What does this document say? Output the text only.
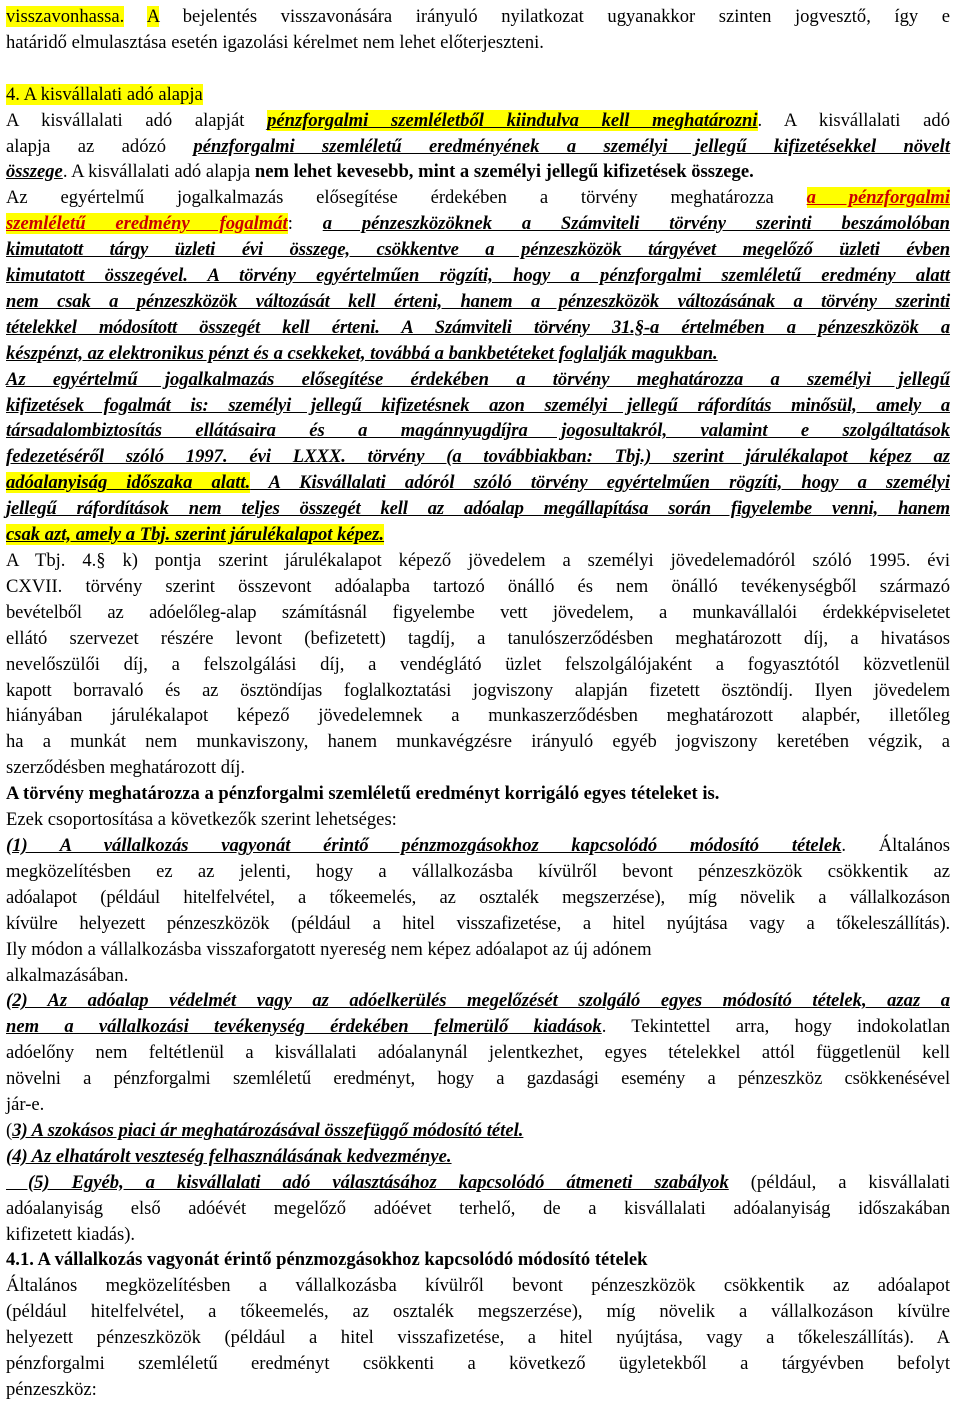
visszavonhassa. A bejelentés visszavonására irányuló nyilatkozat ugyanakkor szinten jogvesztő, így e

határidő elmulasztása esetén igazolási kérelmet nem lehet előterjeszteni.

4. A kisvállalati adó alapja

A kisvállalati adó alapját pénzforgalmi szemléletből kiindulva kell meghatározni. A kisvállalati adó

alapja az adózó pénzforgalmi szemléletű eredményének a személyi jellegű kifizetésekkel növelt

összege. A kisvállalati adó alapja nem lehet kevesebb, mint a személyi jellegű kifizetések összege.

Az egyértelmű jogalkalmazás elősegítése érdekében a törvény meghatározza a pénzforgalmi

szemléletű eredmény fogalmát: a pénzeszközöknek a Számviteli törvény szerinti beszámolóban

kimutatott tárgy üzleti évi összege, csökkentve a pénzeszközök tárgyévet megelőző üzleti évben

kimutatott összegével. A törvény egyértelműen rögzíti, hogy a pénzforgalmi szemléletű eredmény alatt

nem csak a pénzeszközök változását kell érteni, hanem a pénzeszközök változásának a törvény szerinti

tételekkel módosított összegét kell érteni. A Számviteli törvény 31.§-a értelmében a pénzeszközök a

készpénzt, az elektronikus pénzt és a csekkeket, továbbá a bankbetéteket foglalják magukban.

Az egyértelmű jogalkalmazás elősegítése érdekében a törvény meghatározza a személyi jellegű

kifizetések fogalmát is: személyi jellegű kifizetésnek azon személyi jellegű ráfordítás minősül, amely a

társadalombiztosítás ellátásaira és a magánnyugdíjra jogosultakról, valamint e szolgáltatások

fedezetéséről szóló 1997. évi LXXX. törvény (a továbbiakban: Tbj.) szerint járulékalapot képez az

adóalanyiság időszaka alatt. A Kisvállalati adóról szóló törvény egyértelműen rögzíti, hogy a személyi

jellegű ráfordítások nem teljes összegét kell az adóalap megállapítása során figyelembe venni, hanem

csak azt, amely a Tbj. szerint járulékalapot képez.

A Tbj. 4.§ k) pontja szerint járulékalapot képező jövedelem a személyi jövedelemadóról szóló 1995. évi

CXVII. törvény szerint összevont adóalapba tartozó önálló és nem önálló tevékenységből származó

bevételből az adóelőleg-alap számításnál figyelembe vett jövedelem, a munkavállalói érdekképviseletet

ellátó szervezet részére levont (befizetett) tagdíj, a tanulószerződésben meghatározott díj, a hivatásos

nevelőszülői díj, a felszolgálási díj, a vendéglátó üzlet felszolgálójaként a fogyasztótól közvetlenül

kapott borravaló és az ösztöndíjas foglalkoztatási jogviszony alapján fizetett ösztöndíj. Ilyen jövedelem

hiányában járulékalapot képező jövedelemnek a munkaszerződésben meghatározott alapbér, illetőleg

ha a munkát nem munkaviszony, hanem munkavégzésre irányuló egyéb jogviszony keretében végzik, a

szerződésben meghatározott díj.

A törvény meghatározza a pénzforgalmi szemléletű eredményt korrigáló egyes tételeket is.

Ezek csoportosítása a következők szerint lehetséges:

(1) A vállalkozás vagyonát érintő pénzmozgásokhoz kapcsolódó módosító tételek. Általános

megközelítésben ez az jelenti, hogy a vállalkozásba kívülről bevont pénzeszközök csökkentik az

adóalapot (például hitelfelvétel, a tőkeemelés, az osztalék megszerzése), míg növelik a vállalkozáson

kívülre helyezett pénzeszközök (például a hitel visszafizetése, a hitel nyújtása vagy a tőkeleszállítás).

Ily módon a vállalkozásba visszaforgatott nyereség nem képez adóalapot az új adónem

alkalmazásában.

(2) Az adóalap védelmét vagy az adóelkerülés megelőzését szolgáló egyes módosító tételek, azaz a

nem a vállalkozási tevékenység érdekében felmerülő kiadások. Tekintettel arra, hogy indokolatlan

adóelőny nem feltétlenül a kisvállalati adóalanynál jelentkezhet, egyes tételekkel attól függetlenül kell

növelni a pénzforgalmi szemléletű eredményt, hogy a gazdasági esemény a pénzeszköz csökkenésével

jár-e.

(3) A szokásos piaci ár meghatározásával összefüggő módosító tétel.

(4) Az elhatárolt veszteség felhasználásának kedvezménye.

(5) Egyéb, a kisvállalati adó választásához kapcsolódó átmeneti szabályok (például, a kisvállalati

adóalanyiság első adóévét megelőző adóévet terhelő, de a kisvállalati adóalanyiság időszakában

kifizetett kiadás).

4.1. A vállalkozás vagyonát érintő pénzmozgásokhoz kapcsolódó módosító tételek

Általános megközelítésben a vállalkozásba kívülről bevont pénzeszközök csökkentik az adóalapot

(például hitelfelvétel, a tőkeemelés, az osztalék megszerzése), míg növelik a vállalkozáson kívülre

helyezett pénzeszközök (például a hitel visszafizetése, a hitel nyújtása, vagy a tőkeleszállítás). A

pénzforgalmi szemléletű eredményt csökkenti a következő ügyletekből a tárgyévben befolyt

pénzeszköz:
